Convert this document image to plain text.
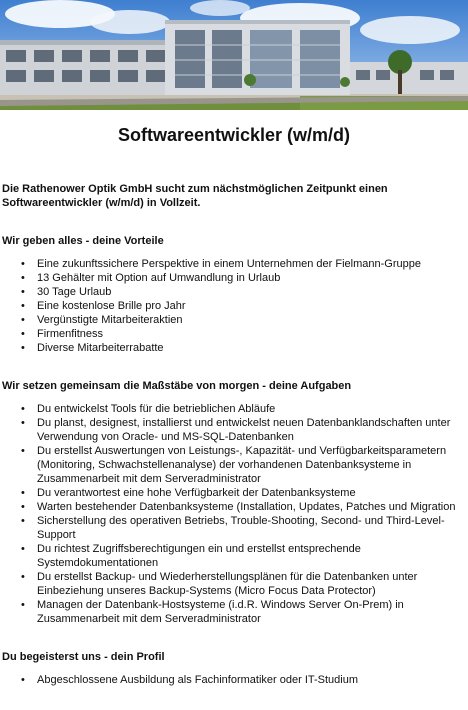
Softwareentwickler (w/m/d)
Die Rathenower Optik GmbH sucht zum nächstmöglichen Zeitpunkt einen Softwareentwickler (w/m/d) in Vollzeit.
Wir geben alles - deine Vorteile
• Eine zukunftssichere Perspektive in einem Unternehmen der Fielmann-Gruppe
• 13 Gehälter mit Option auf Umwandlung in Urlaub
• 30 Tage Urlaub
• Eine kostenlose Brille pro Jahr
• Vergünstigte Mitarbeiteraktien
• Firmenfitness
• Diverse Mitarbeiterrabatte
Wir setzen gemeinsam die Maßstäbe von morgen - deine Aufgaben
• Du entwickelst Tools für die betrieblichen Abläufe
• Du planst, designest, installierst und entwickelst neuen Datenbanklandschaften unter Verwendung von Oracle- und MS-SQL-Datenbanken
• Du erstellst Auswertungen von Leistungs-, Kapazität- und Verfügbarkeitsparametern (Monitoring, Schwachstellenanalyse) der vorhandenen Datenbanksysteme in Zusammenarbeit mit dem Serveradministrator
• Du verantwortest eine hohe Verfügbarkeit der Datenbanksysteme
• Warten bestehender Datenbanksysteme (Installation, Updates, Patches und Migration
• Sicherstellung des operativen Betriebs, Trouble-Shooting, Second- und Third-Level-Support
• Du richtest Zugriffsberechtigungen ein und erstellst entsprechende Systemdokumentationen
• Du erstellst Backup- und Wiederherstellungsplänen für die Datenbanken unter Einbeziehung unseres Backup-Systems (Micro Focus Data Protector)
• Managen der Datenbank-Hostsysteme (i.d.R. Windows Server On-Prem) in Zusammenarbeit mit dem Serveradministrator
Du begeisterst uns - dein Profil
• Abgeschlossene Ausbildung als Fachinformatiker oder IT-Studium
